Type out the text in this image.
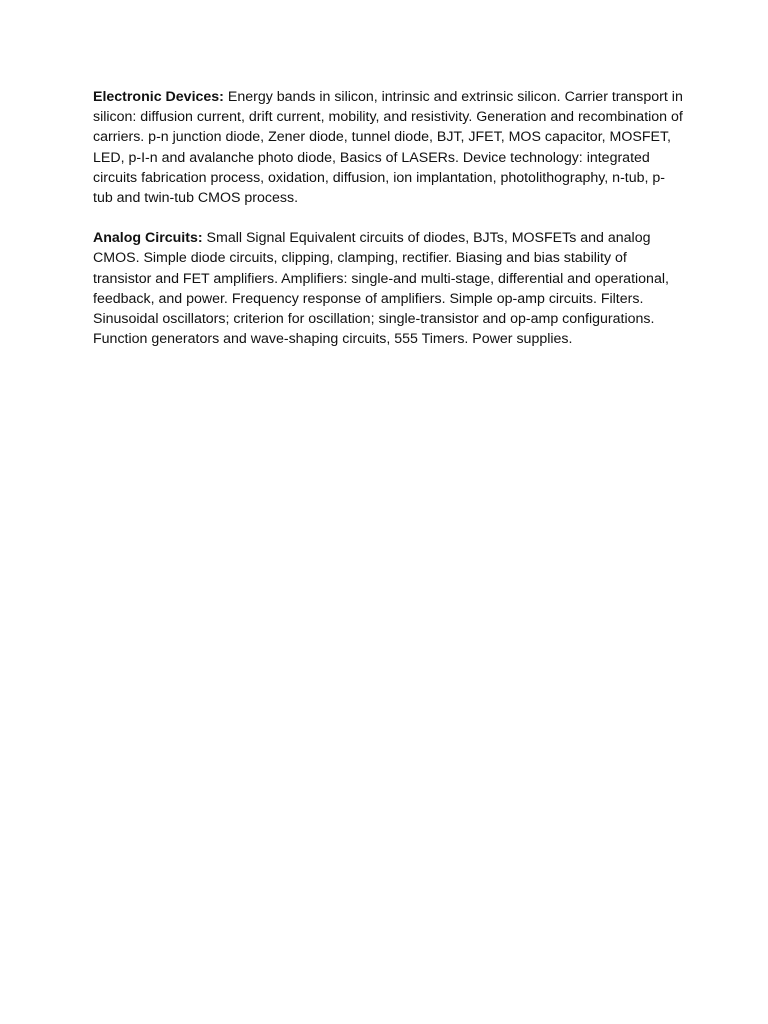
Electronic Devices: Energy bands in silicon, intrinsic and extrinsic silicon. Carrier transport in silicon: diffusion current, drift current, mobility, and resistivity. Generation and recombination of carriers. p-n junction diode, Zener diode, tunnel diode, BJT, JFET, MOS capacitor, MOSFET, LED, p-I-n and avalanche photo diode, Basics of LASERs. Device technology: integrated circuits fabrication process, oxidation, diffusion, ion implantation, photolithography, n-tub, p-tub and twin-tub CMOS process.

Analog Circuits: Small Signal Equivalent circuits of diodes, BJTs, MOSFETs and analog CMOS. Simple diode circuits, clipping, clamping, rectifier. Biasing and bias stability of transistor and FET amplifiers. Amplifiers: single-and multi-stage, differential and operational, feedback, and power. Frequency response of amplifiers. Simple op-amp circuits. Filters. Sinusoidal oscillators; criterion for oscillation; single-transistor and op-amp configurations. Function generators and wave-shaping circuits, 555 Timers. Power supplies.
